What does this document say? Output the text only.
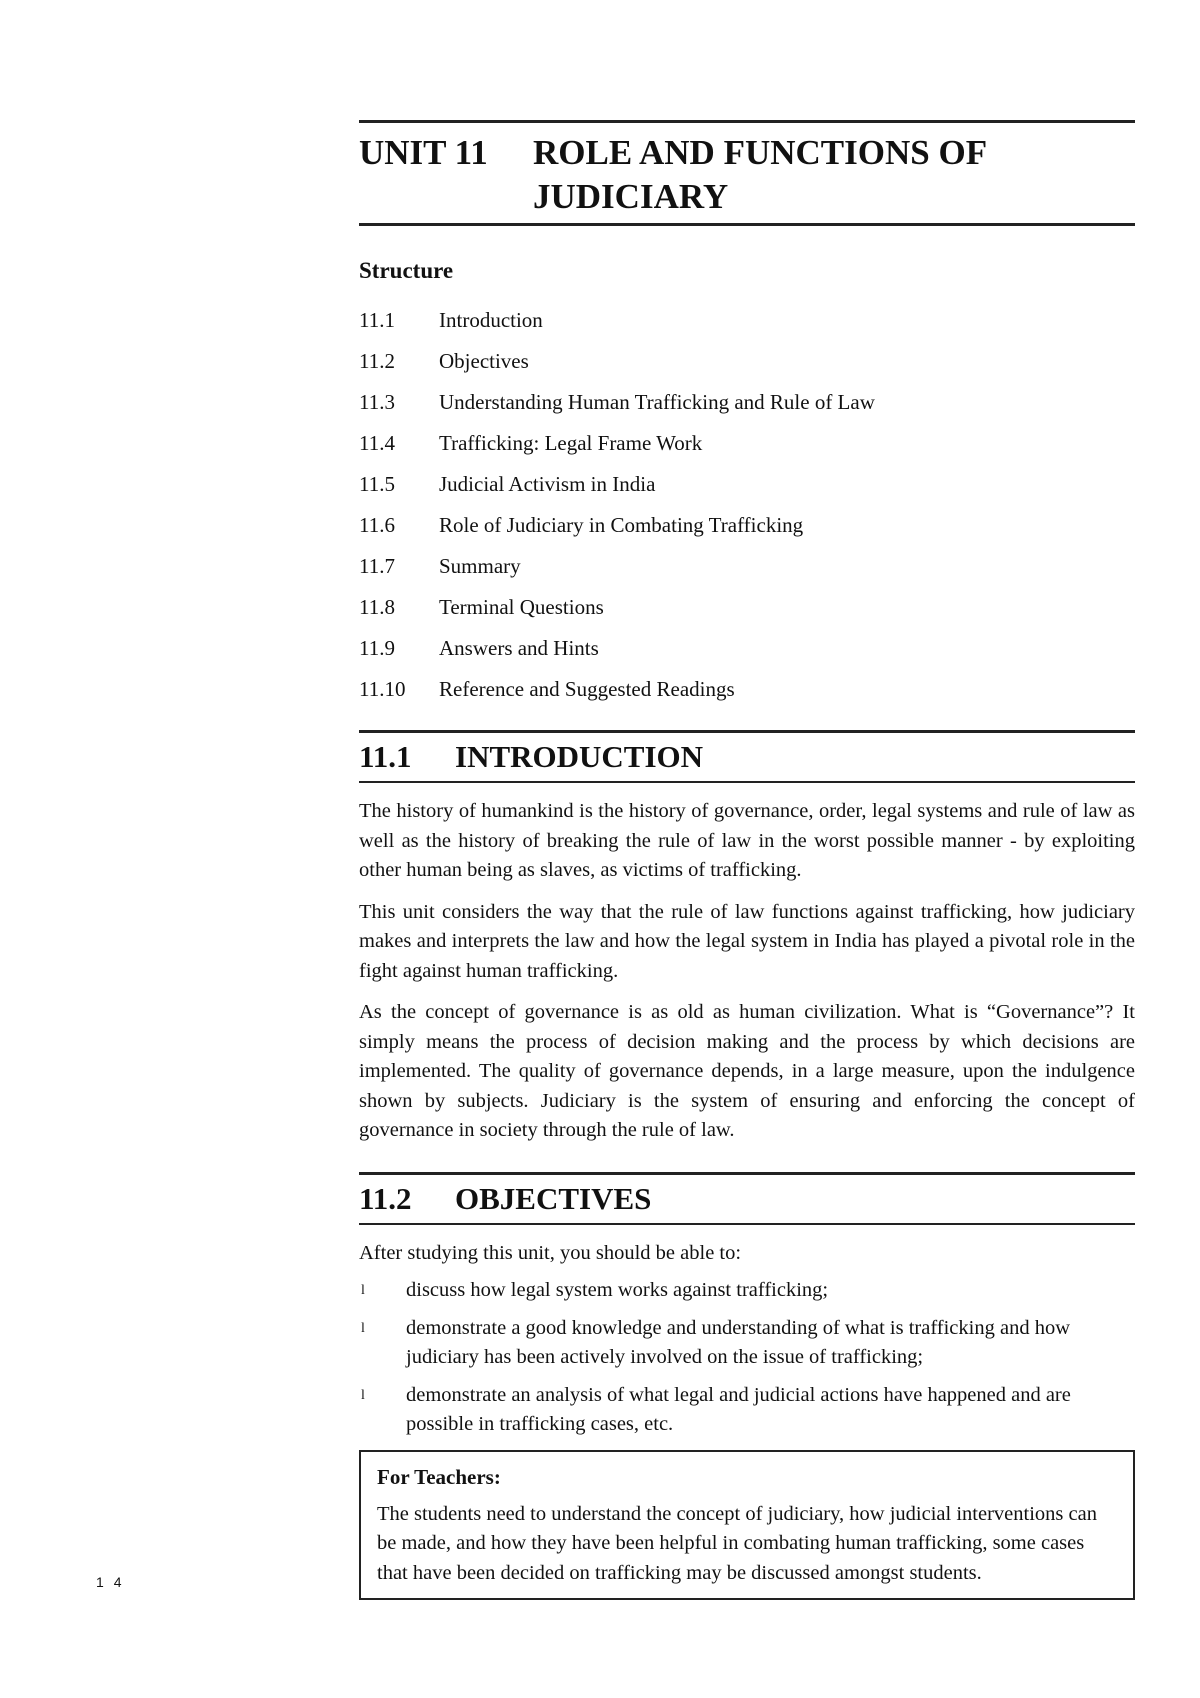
UNIT 11	ROLE AND FUNCTIONS OF JUDICIARY
Structure
11.1	Introduction
11.2	Objectives
11.3	Understanding Human Trafficking and Rule of Law
11.4	Trafficking: Legal Frame Work
11.5	Judicial Activism in India
11.6	Role of Judiciary in Combating Trafficking
11.7	Summary
11.8	Terminal Questions
11.9	Answers and Hints
11.10	Reference and Suggested Readings
11.1	INTRODUCTION

The history of humankind is the history of governance, order, legal systems and rule of law as well as the history of breaking the rule of law in the worst possible manner - by exploiting other human being as slaves, as victims of trafficking.

This unit considers the way that the rule of law functions against trafficking, how judiciary makes and interprets the law and how the legal system in India has played a pivotal role in the fight against human trafficking.

As the concept of governance is as old as human civilization. What is “Governance”? It simply means the process of decision making and the process by which decisions are implemented. The quality of governance depends, in a large measure, upon the indulgence shown by subjects. Judiciary is the system of ensuring and enforcing the concept of governance in society through the rule of law.

11.2	OBJECTIVES

After studying this unit, you should be able to:

l	discuss how legal system works against trafficking;
l	demonstrate a good knowledge and understanding of what is trafficking and how judiciary has been actively involved on the issue of trafficking;
l	demonstrate an analysis of what legal and judicial actions have happened and are possible in trafficking cases, etc.
For Teachers:
The students need to understand the concept of judiciary, how judicial interventions can be made, and how they have been helpful in combating human trafficking, some cases that have been decided on trafficking may be discussed amongst students.
14
